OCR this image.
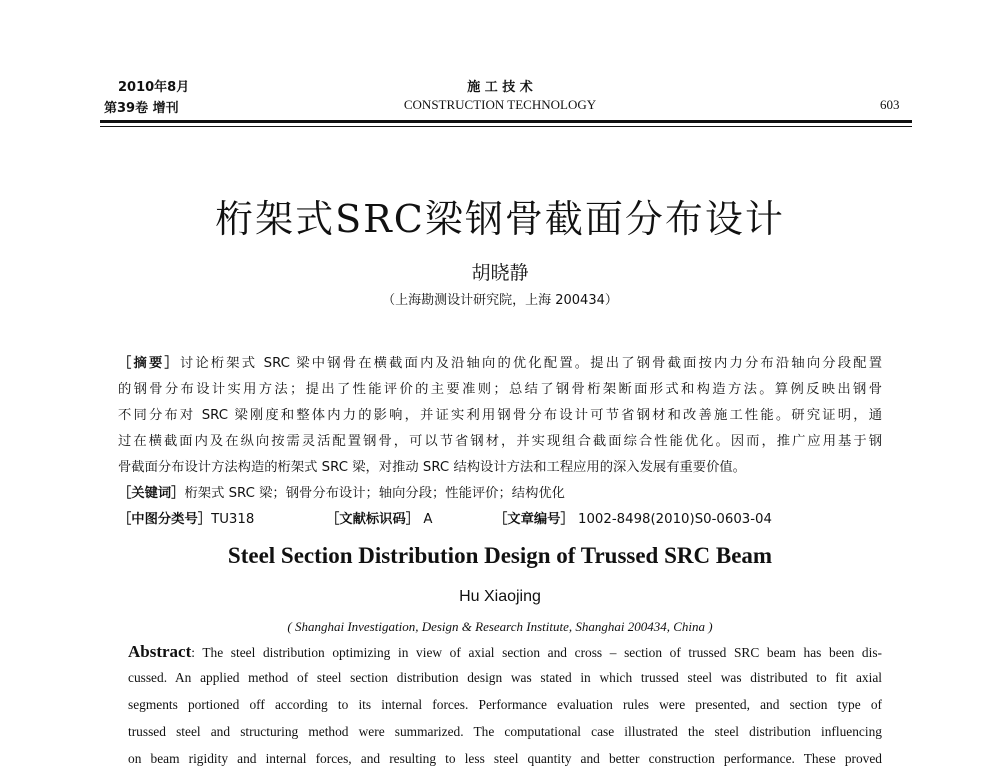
2010年8月
第39卷 增刊
施 工 技 术
CONSTRUCTION TECHNOLOGY	603
桁架式SRC梁钢骨截面分布设计
胡晓静
（上海勘测设计研究院，上海 200434）
［摘要］讨论桁架式 SRC 梁中钢骨在横截面内及沿轴向的优化配置。提出了钢骨截面按内力分布沿轴向分段配置
的钢骨分布设计实用方法；提出了性能评价的主要准则；总结了钢骨桁架断面形式和构造方法。算例反映出钢骨
不同分布对 SRC 梁刚度和整体内力的影响，并证实利用钢骨分布设计可节省钢材和改善施工性能。研究证明，通
过在横截面内及在纵向按需灵活配置钢骨，可以节省钢材，并实现组合截面综合性能优化。因而，推广应用基于钢
骨截面分布设计方法构造的桁架式 SRC 梁，对推动 SRC 结构设计方法和工程应用的深入发展有重要价值。
［关键词］桁架式 SRC 梁；钢骨分布设计；轴向分段；性能评价；结构优化
［中图分类号］TU318	［文献标识码］ A	［文章编号］ 1002-8498(2010)S0-0603-04
Steel Section Distribution Design of Trussed SRC Beam
Hu Xiaojing
( Shanghai Investigation, Design & Research Institute, Shanghai 200434, China )
Abstract: The steel distribution optimizing in view of axial section and cross – section of trussed SRC beam has been dis-
cussed. An applied method of steel section distribution design was stated in which trussed steel was distributed to fit axial
segments portioned off according to its internal forces. Performance evaluation rules were presented, and section type of
trussed steel and structuring method were summarized. The computational case illustrated the steel distribution influencing
on beam rigidity and internal forces, and resulting to less steel quantity and better construction performance. These proved
